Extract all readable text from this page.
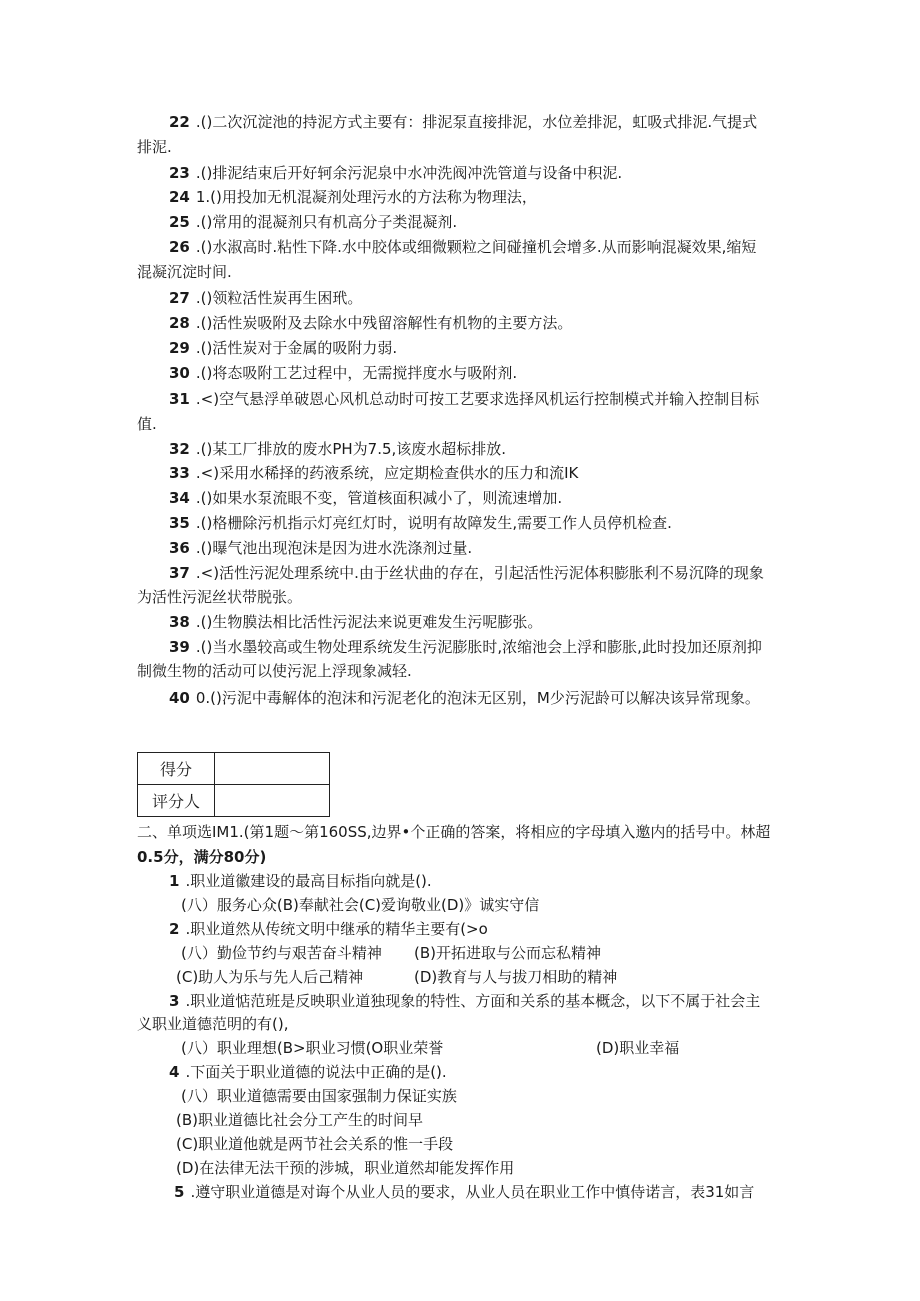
22 .()二次沉淀池的持泥方式主要有：排泥泵直接排泥，水位差排泥，虹吸式排泥.气提式
排泥.
23 .()排泥结束后开好轲余污泥泉中水冲洗阀冲洗管道与设备中积泥.
24 1.()用投加无机混凝剂处理污水的方法称为物理法，
25 .()常用的混凝剂只有机高分子类混凝剂.
26 .()水淑高时.粘性下降.水中胶体或细微颗粒之间碰撞机会增多.从而影响混凝效果,缩短
混凝沉淀时间.
27 .()领粒活性炭再生困玳。
28 .()活性炭吸附及去除水中残留溶解性有机物的主要方法。
29 .()活性炭对于金属的吸附力弱.
30 .()将态吸附工艺过程中，无需搅拌度水与吸附剂.
31 .<)空气悬浮单破恩心风机总动时可按工艺要求选择风机运行控制模式并输入控制目标
值.
32 .()某工厂排放的废水PH为7.5,该废水超标排放.
33 .<)采用水稀择的药液系统，应定期检查供水的压力和流IK
34 .()如果水泵流眼不变，管道核面积减小了，则流速增加.
35 .()格栅除污机指示灯亮红灯时，说明有故障发生,需要工作人员停机检查.
36 .()曝气池出现泡沫是因为进水洗涤剂过量.
37 .<)活性污泥处理系统中.由于丝状曲的存在，引起活性污泥体积膨胀利不易沉降的现象
为活性污泥丝状带脱张。
38 .()生物膜法相比活性污泥法来说更难发生污呢膨张。
39 .()当水墨较高或生物处理系统发生污泥膨胀时,浓缩池会上浮和膨胀,此时投加还原剂抑
制微生物的活动可以使污泥上浮现象减轻.
40 0.()污泥中毒解体的泡沫和污泥老化的泡沫无区别，M少污泥龄可以解决该异常现象。
得分	
评分人	
二、单项选IM1.(第1题〜第160SS,边界•个正确的答案，将相应的字母填入邀内的括号中。林超
0.5分，满分80分)
1 .职业道徽建设的最高目标指向就是().
(八）服务心众(B)奉献社会(C)爱询敬业(D)》诚实守信
2 .职业道然从传统文明中继承的精华主要有(>o
(八）勤俭节约与艰苦奋斗精神 (B)开拓进取与公而忘私精神
(C)助人为乐与先人后己精神	(D)教育与人与拔刀相助的精神
3 .职业道惦范班是反映职业道独现象的特性、方面和关系的基本概念，以下不属于社会主
义职业道德范明的有(),
(八）职业理想(B>职业习惯(O职业荣誉	(D)职业幸福
4 .下面关于职业道德的说法中正确的是().
(八）职业道德需要由国家强制力保证实族
(B)职业道德比社会分工产生的时间早
(C)职业道他就是两节社会关系的惟一手段
(D)在法律无法干预的涉城，职业道然却能发挥作用
5 .遵守职业道德是对诲个从业人员的要求，从业人员在职业工作中慎侍诺言，表31如言
